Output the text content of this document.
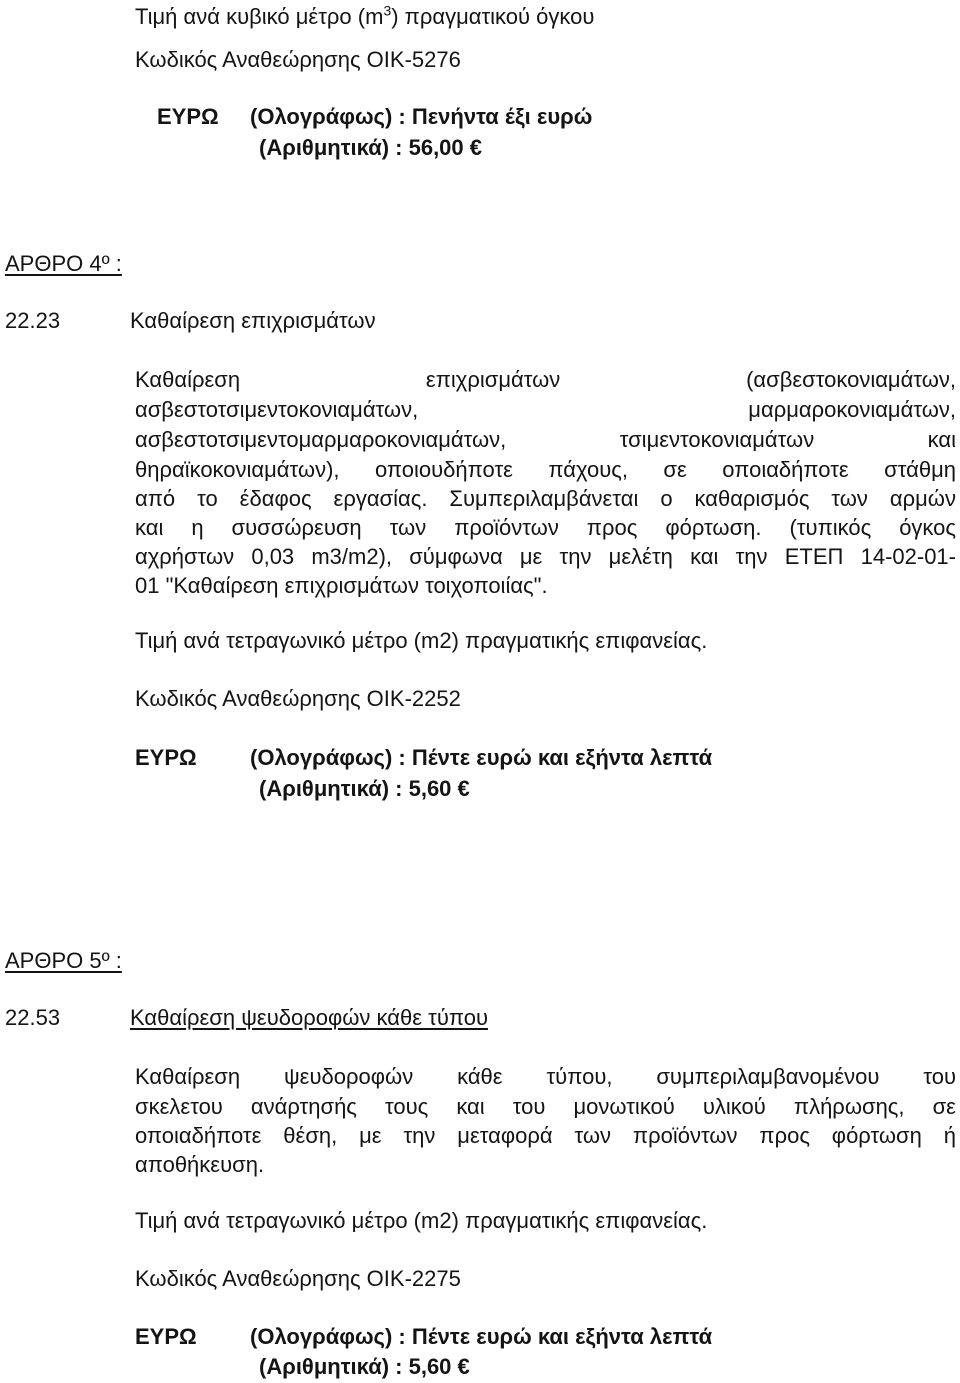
Τιμή ανά κυβικό μέτρο $(m^3)$ πραγματικού όγκου
Κωδικός Αναθεώρησης ΟΙΚ-5276
ΕΥΡΩ (Ολογράφως) : Πενήντα έξι ευρώ
(Αριθμητικά) : 56,00 €
ΑΡΘΡΟ 4º :
22.23	Καθαίρεση επιχρισμάτων
Καθαίρεση επιχρισμάτων (ασβεστοκονιαμάτων,
ασβεστοτσιμεντοκονιαμάτων, μαρμαροκονιαμάτων,
ασβεστοτσιμεντομαρμαροκονιαμάτων, τσιμεντοκονιαμάτων και
θηραϊκοκονιαμάτων), οποιουδήποτε πάχους, σε οποιαδήποτε στάθμη
από το έδαφος εργασίας. Συμπεριλαμβάνεται ο καθαρισμός των αρμών
και η συσσώρευση των προϊόντων προς φόρτωση. (τυπικός όγκος
αχρήστων 0,03 m3/m2), σύμφωνα με την μελέτη και την ΕΤΕΠ 14-02-01-
01 "Καθαίρεση επιχρισμάτων τοιχοποιίας".
Τιμή ανά τετραγωνικό μέτρο (m2) πραγματικής επιφανείας.
Κωδικός Αναθεώρησης ΟΙΚ-2252
ΕΥΡΩ (Ολογράφως) : Πέντε ευρώ και εξήντα λεπτά
(Αριθμητικά) : 5,60 €
ΑΡΘΡΟ 5º :
22.53	Καθαίρεση ψευδοροφών κάθε τύπου
Καθαίρεση ψευδοροφών κάθε τύπου, συμπεριλαμβανομένου του
σκελετου ανάρτησής τους και του μονωτικού υλικού πλήρωσης, σε
οποιαδήποτε θέση, με την μεταφορά των προϊόντων προς φόρτωση ή
αποθήκευση.
Τιμή ανά τετραγωνικό μέτρο (m2) πραγματικής επιφανείας.
Κωδικός Αναθεώρησης ΟΙΚ-2275
ΕΥΡΩ (Ολογράφως) : Πέντε ευρώ και εξήντα λεπτά
(Αριθμητικά) : 5,60 €
